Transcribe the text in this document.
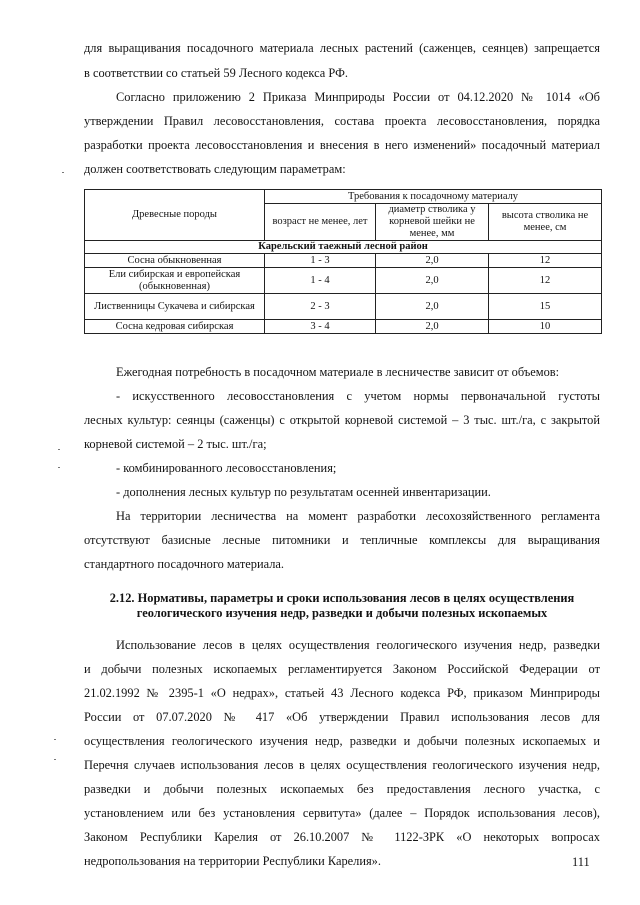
для выращивания посадочного материала лесных растений (саженцев, сеянцев) запрещается

в соответствии со статьей 59 Лесного кодекса РФ.

Согласно приложению 2 Приказа Минприроды России от 04.12.2020 № 1014 «Об

утверждении Правил лесовосстановления, состава проекта лесовосстановления, порядка

разработки проекта лесовосстановления и внесения в него изменений» посадочный материал

должен соответствовать следующим параметрам:

Древесные породы	Требования к посадочному материалу		
	возраст не менее, лет	диаметр стволика у корневой шейки не менее, мм	высота стволика не менее, см
Карельский таежный лесной район			
Сосна обыкновенная	1 - 3	2,0	12
Ели сибирская и европейская (обыкновенная)	1 - 4	2,0	12
Лиственницы Сукачева и сибирская	2 - 3	2,0	15
Сосна кедровая сибирская	3 - 4	2,0	10

Ежегодная потребность в посадочном материале в лесничестве зависит от объемов:

- искусственного лесовосстановления с учетом нормы первоначальной густоты

лесных культур: сеянцы (саженцы) с открытой корневой системой – 3 тыс. шт./га, с закрытой

корневой системой – 2 тыс. шт./га;

- комбинированного лесовосстановления;

- дополнения лесных культур по результатам осенней инвентаризации.

На территории лесничества на момент разработки лесохозяйственного регламента

отсутствуют базисные лесные питомники и тепличные комплексы для выращивания

стандартного посадочного материала.

2.12. Нормативы, параметры и сроки использования лесов в целях осуществления

геологического изучения недр, разведки и добычи полезных ископаемых

Использование лесов в целях осуществления геологического изучения недр, разведки

и добычи полезных ископаемых регламентируется Законом Российской Федерации от

21.02.1992 № 2395-1 «О недрах», статьей 43 Лесного кодекса РФ, приказом Минприроды

России от 07.07.2020 № 417 «Об утверждении Правил использования лесов для

осуществления геологического изучения недр, разведки и добычи полезных ископаемых и

Перечня случаев использования лесов в целях осуществления геологического изучения недр,

разведки и добычи полезных ископаемых без предоставления лесного участка, с

установлением или без установления сервитута» (далее – Порядок использования лесов),

Законом Республики Карелия от 26.10.2007 № 1122-ЗРК «О некоторых вопросах

недропользования на территории Республики Карелия».	111
